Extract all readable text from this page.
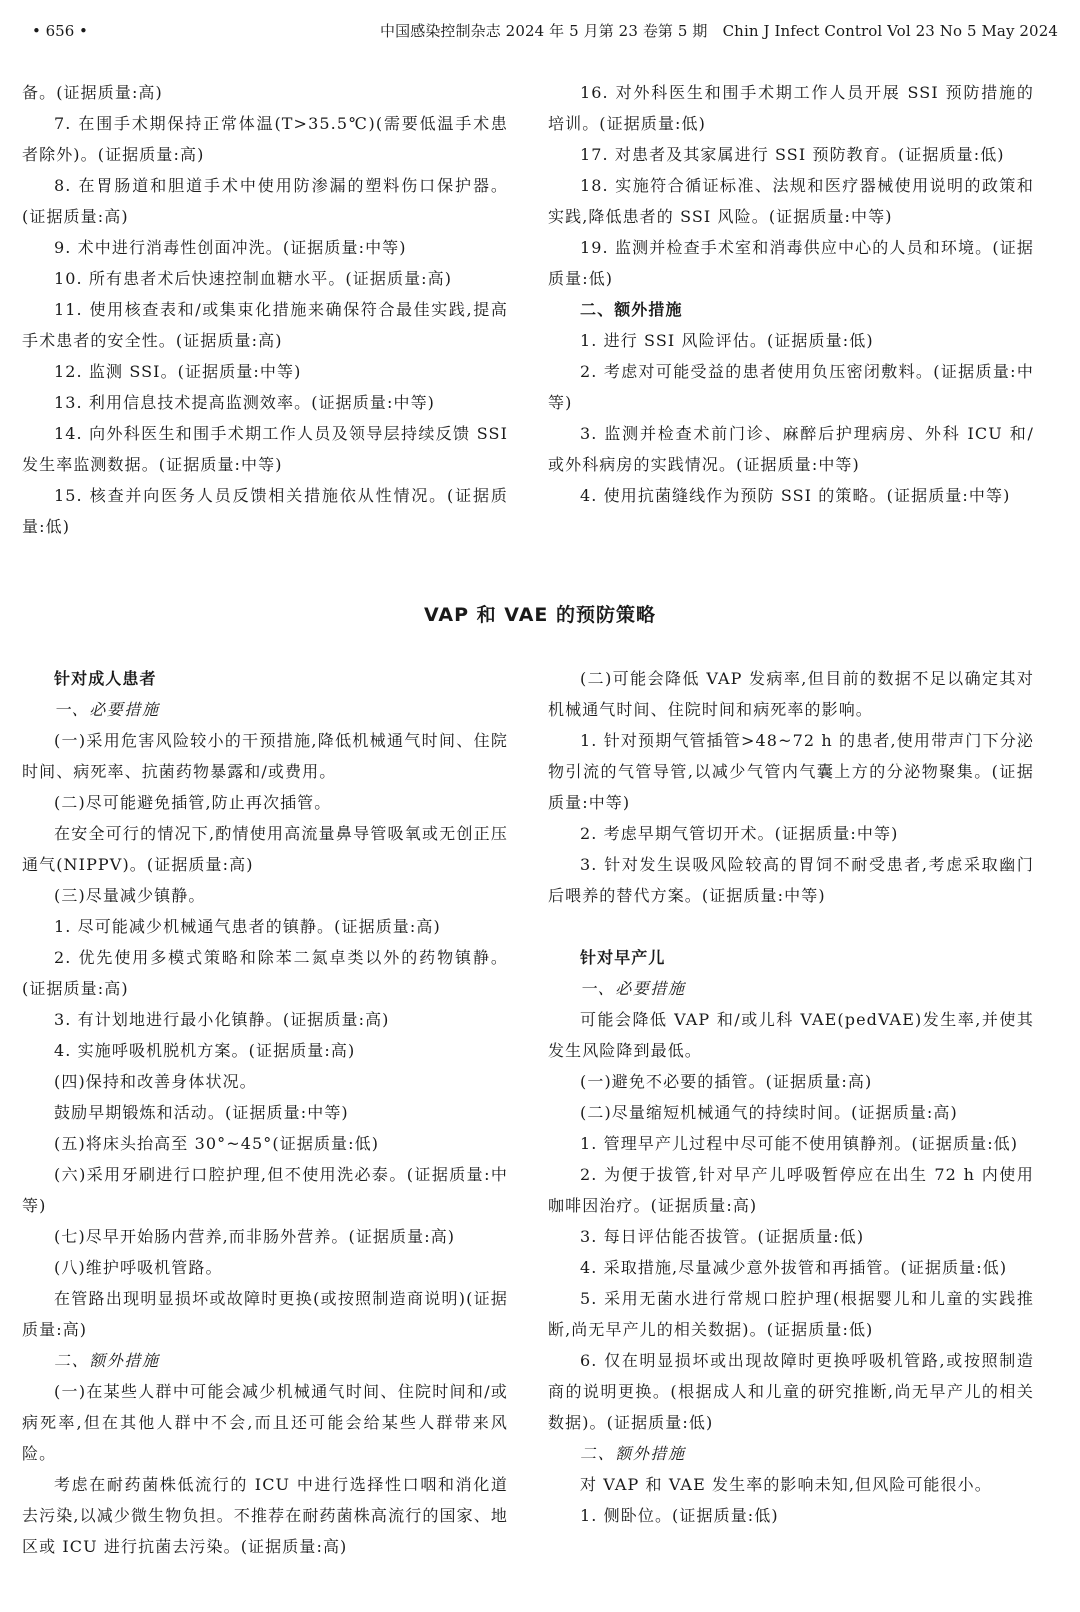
• 656 •	中国感染控制杂志 2024 年 5 月第 23 卷第 5 期　Chin J Infect Control Vol 23 No 5 May 2024

备。(证据质量:高)

7. 在围手术期保持正常体温(T>35.5℃)(需要低温手术患者除外)。(证据质量:高)

8. 在胃肠道和胆道手术中使用防渗漏的塑料伤口保护器。(证据质量:高)

9. 术中进行消毒性创面冲洗。(证据质量:中等)

10. 所有患者术后快速控制血糖水平。(证据质量:高)

11. 使用核查表和/或集束化措施来确保符合最佳实践,提高手术患者的安全性。(证据质量:高)

12. 监测 SSI。(证据质量:中等)

13. 利用信息技术提高监测效率。(证据质量:中等)

14. 向外科医生和围手术期工作人员及领导层持续反馈 SSI 发生率监测数据。(证据质量:中等)

15. 核查并向医务人员反馈相关措施依从性情况。(证据质量:低)

16. 对外科医生和围手术期工作人员开展 SSI 预防措施的培训。(证据质量:低)

17. 对患者及其家属进行 SSI 预防教育。(证据质量:低)

18. 实施符合循证标准、法规和医疗器械使用说明的政策和实践,降低患者的 SSI 风险。(证据质量:中等)

19. 监测并检查手术室和消毒供应中心的人员和环境。(证据质量:低)

二、额外措施

1. 进行 SSI 风险评估。(证据质量:低)

2. 考虑对可能受益的患者使用负压密闭敷料。(证据质量:中等)

3. 监测并检查术前门诊、麻醉后护理病房、外科 ICU 和/或外科病房的实践情况。(证据质量:中等)

4. 使用抗菌缝线作为预防 SSI 的策略。(证据质量:中等)

VAP 和 VAE 的预防策略

针对成人患者

一、必要措施

(一)采用危害风险较小的干预措施,降低机械通气时间、住院时间、病死率、抗菌药物暴露和/或费用。

(二)尽可能避免插管,防止再次插管。

在安全可行的情况下,酌情使用高流量鼻导管吸氧或无创正压通气(NIPPV)。(证据质量:高)

(三)尽量减少镇静。

1. 尽可能减少机械通气患者的镇静。(证据质量:高)

2. 优先使用多模式策略和除苯二氮卓类以外的药物镇静。(证据质量:高)

3. 有计划地进行最小化镇静。(证据质量:高)

4. 实施呼吸机脱机方案。(证据质量:高)

(四)保持和改善身体状况。

鼓励早期锻炼和活动。(证据质量:中等)

(五)将床头抬高至 30°~45°(证据质量:低)

(六)采用牙刷进行口腔护理,但不使用洗必泰。(证据质量:中等)

(七)尽早开始肠内营养,而非肠外营养。(证据质量:高)

(八)维护呼吸机管路。

在管路出现明显损坏或故障时更换(或按照制造商说明)(证据质量:高)

二、额外措施

(一)在某些人群中可能会减少机械通气时间、住院时间和/或病死率,但在其他人群中不会,而且还可能会给某些人群带来风险。

考虑在耐药菌株低流行的 ICU 中进行选择性口咽和消化道去污染,以减少微生物负担。不推荐在耐药菌株高流行的国家、地区或 ICU 进行抗菌去污染。(证据质量:高)

(二)可能会降低 VAP 发病率,但目前的数据不足以确定其对机械通气时间、住院时间和病死率的影响。

1. 针对预期气管插管>48~72 h 的患者,使用带声门下分泌物引流的气管导管,以减少气管内气囊上方的分泌物聚集。(证据质量:中等)

2. 考虑早期气管切开术。(证据质量:中等)

3. 针对发生误吸风险较高的胃饲不耐受患者,考虑采取幽门后喂养的替代方案。(证据质量:中等)

针对早产儿

一、必要措施

可能会降低 VAP 和/或儿科 VAE(pedVAE)发生率,并使其发生风险降到最低。

(一)避免不必要的插管。(证据质量:高)

(二)尽量缩短机械通气的持续时间。(证据质量:高)

1. 管理早产儿过程中尽可能不使用镇静剂。(证据质量:低)

2. 为便于拔管,针对早产儿呼吸暂停应在出生 72 h 内使用咖啡因治疗。(证据质量:高)

3. 每日评估能否拔管。(证据质量:低)

4. 采取措施,尽量减少意外拔管和再插管。(证据质量:低)

5. 采用无菌水进行常规口腔护理(根据婴儿和儿童的实践推断,尚无早产儿的相关数据)。(证据质量:低)

6. 仅在明显损坏或出现故障时更换呼吸机管路,或按照制造商的说明更换。(根据成人和儿童的研究推断,尚无早产儿的相关数据)。(证据质量:低)

二、额外措施

对 VAP 和 VAE 发生率的影响未知,但风险可能很小。

1. 侧卧位。(证据质量:低)
